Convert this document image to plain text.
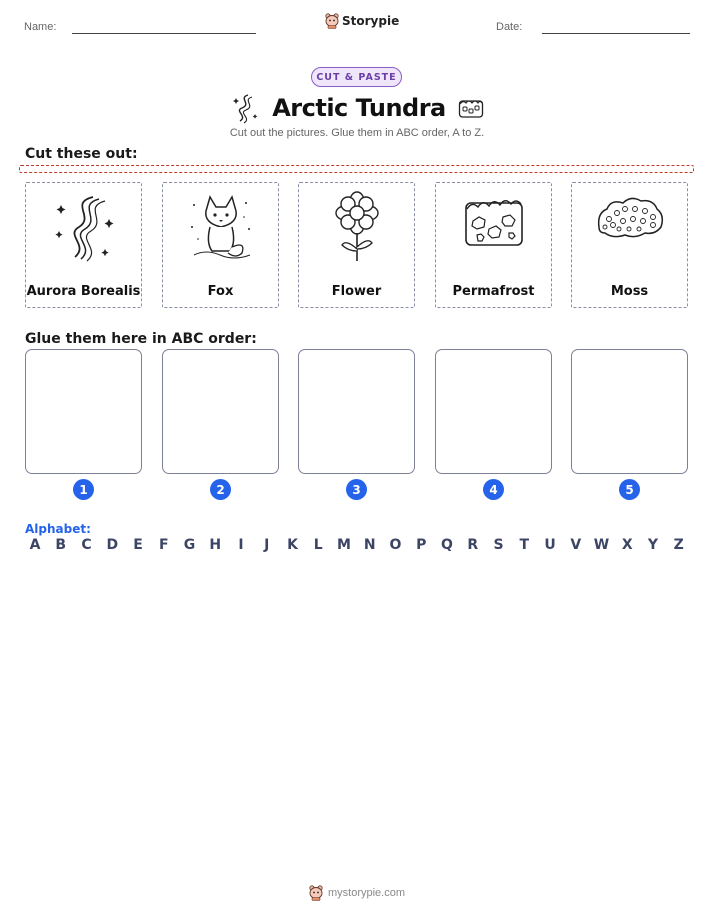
Name:	Storypie	Date:
CUT & PASTE
Arctic Tundra
Cut out the pictures. Glue them in ABC order, A to Z.
Cut these out:
Aurora Borealis	Fox	Flower	Permafrost	Moss
Glue them here in ABC order:
1	2	3	4	5
Alphabet:
A	B	C	D	E	F	G	H	I	J	K	L	M N O	P	Q	R	S	T	U	V W X	Y	Z
mystorypie.com
